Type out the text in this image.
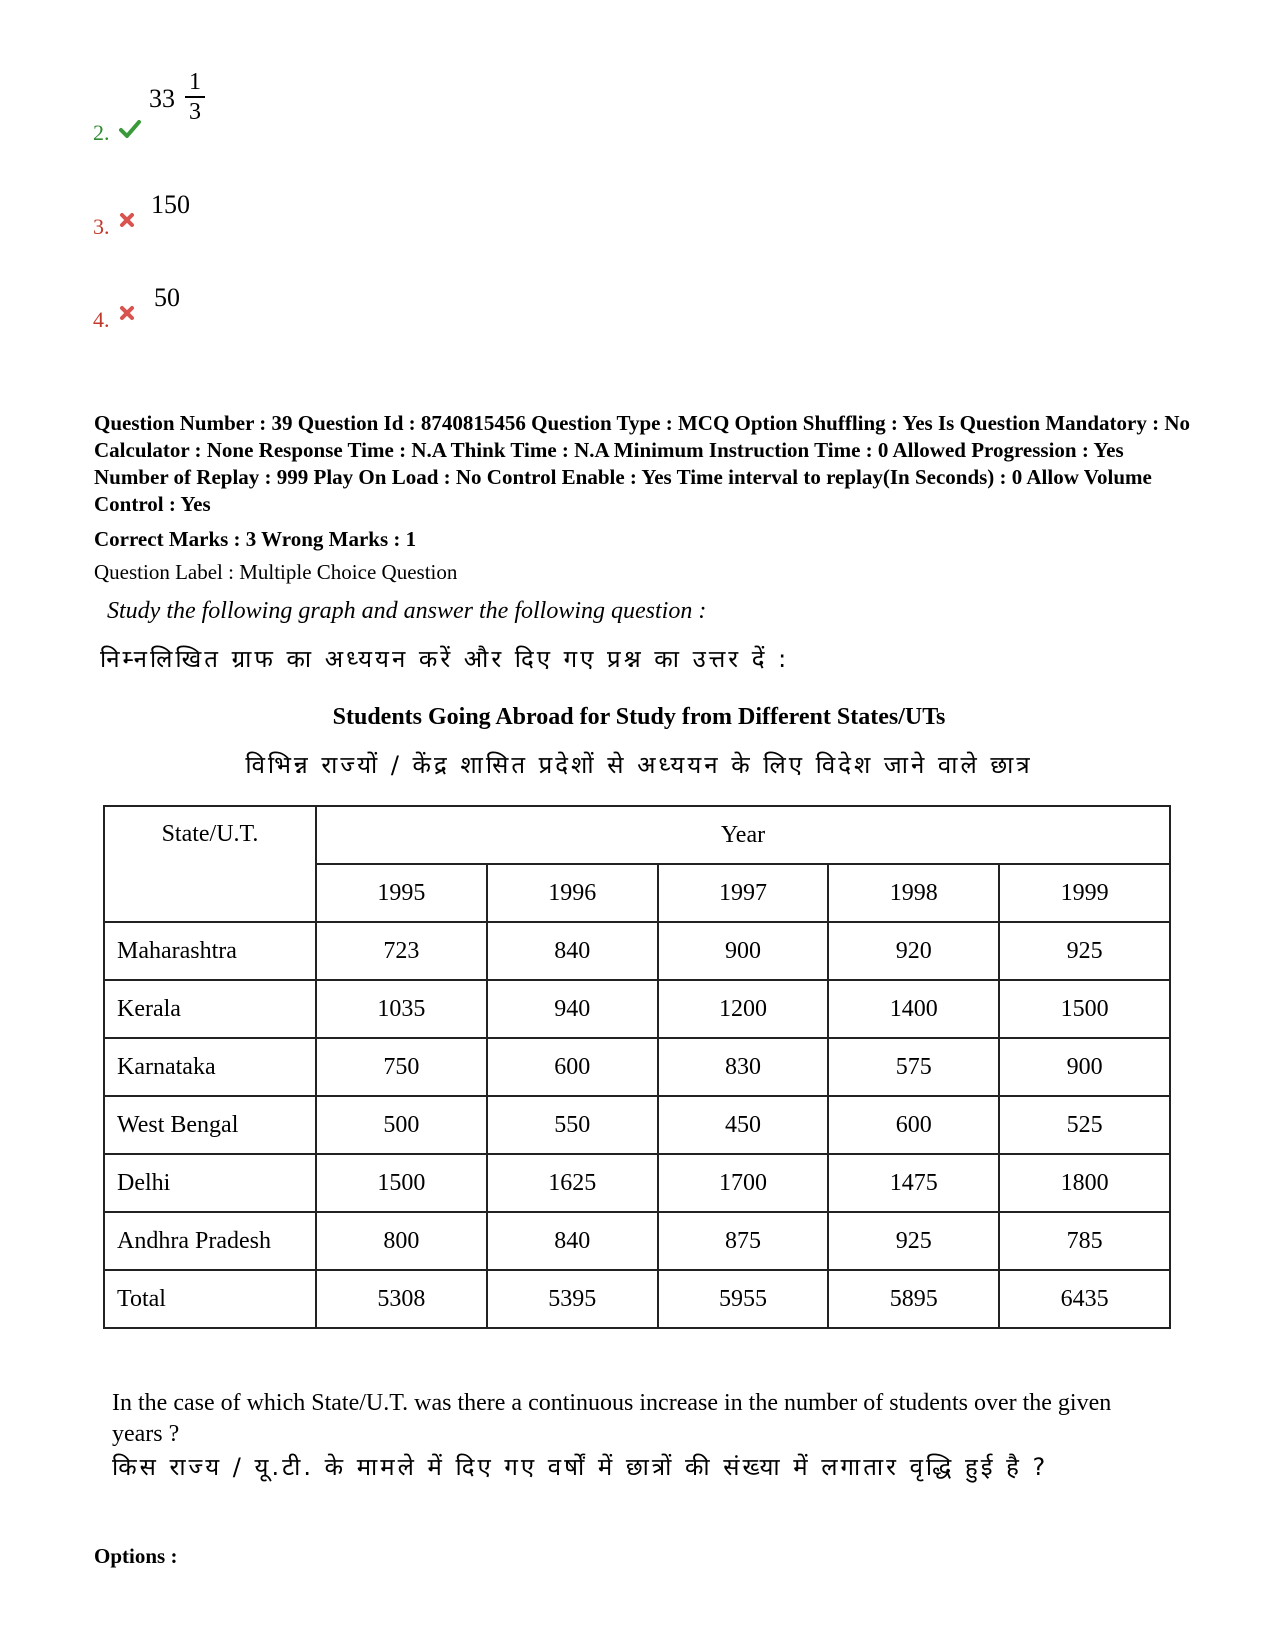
2.
33
1
3
3.
150
4.
50
Question Number : 39 Question Id : 8740815456 Question Type : MCQ Option Shuffling : Yes Is Question Mandatory : No Calculator : None Response Time : N.A Think Time : N.A Minimum Instruction Time : 0 Allowed Progression : Yes Number of Replay : 999 Play On Load : No Control Enable : Yes Time interval to replay(In Seconds) : 0 Allow Volume Control : Yes
Correct Marks : 3 Wrong Marks : 1
Question Label : Multiple Choice Question
Study the following graph and answer the following question :
निम्नलिखित ग्राफ का अध्ययन करें और दिए गए प्रश्न का उत्तर दें :
Students Going Abroad for Study from Different States/UTs
विभिन्न राज्यों / केंद्र शासित प्रदेशों से अध्ययन के लिए विदेश जाने वाले छात्र
State/U.T.	Year				
	1995	1996	1997	1998	1999
Maharashtra	723	840	900	920	925
Kerala	1035	940	1200	1400	1500
Karnataka	750	600	830	575	900
West Bengal	500	550	450	600	525
Delhi	1500	1625	1700	1475	1800
Andhra Pradesh	800	840	875	925	785
Total	5308	5395	5955	5895	6435
In the case of which State/U.T. was there a continuous increase in the number of students over the given years ?
किस राज्य / यू.टी. के मामले में दिए गए वर्षों में छात्रों की संख्या में लगातार वृद्धि हुई है ?
Options :
